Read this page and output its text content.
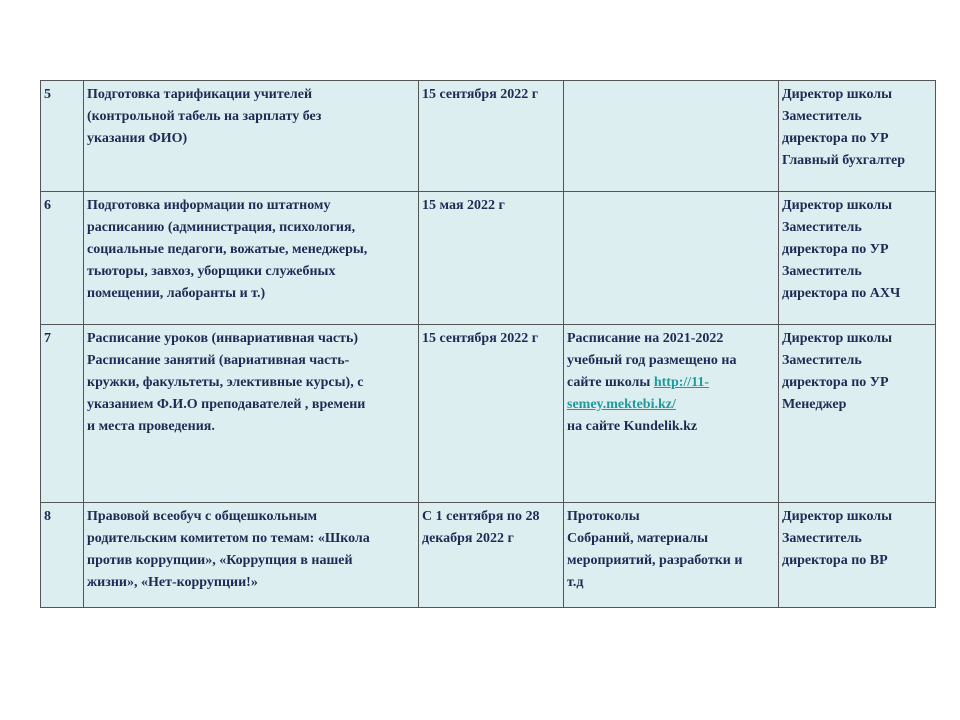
5	Подготовка тарификации учителей
(контрольной табель на зарплату без
указания ФИО)	15 сентября 2022 г		Директор школы
Заместитель
директора по УР
Главный бухгалтер
6	Подготовка информации по штатному
расписанию (администрация, психология,
социальные педагоги, вожатые, менеджеры,
тьюторы, завхоз, уборщики служебных
помещении, лаборанты и т.)	15 мая 2022 г		Директор школы
Заместитель
директора по УР
Заместитель
директора по АХЧ
7	Расписание уроков (инвариативная часть)
Расписание занятий (вариативная часть-
кружки, факультеты, элективные курсы), с
указанием Ф.И.О преподавателей , времени
и места проведения.	15 сентября 2022 г	Расписание на 2021-2022
учебный год размещено на
сайте школы http://11-
semey.mektebi.kz/
на сайте Kundelik.kz	Директор школы
Заместитель
директора по УР
Менеджер
8	Правовой всеобуч с общешкольным
родительским комитетом по темам: «Школа
против коррупции», «Коррупция в нашей
жизни», «Нет-коррупции!»	С 1 сентября по 28
декабря 2022 г	Протоколы
Собраний, материалы
мероприятий, разработки и
т.д	Директор школы
Заместитель
директора по ВР
